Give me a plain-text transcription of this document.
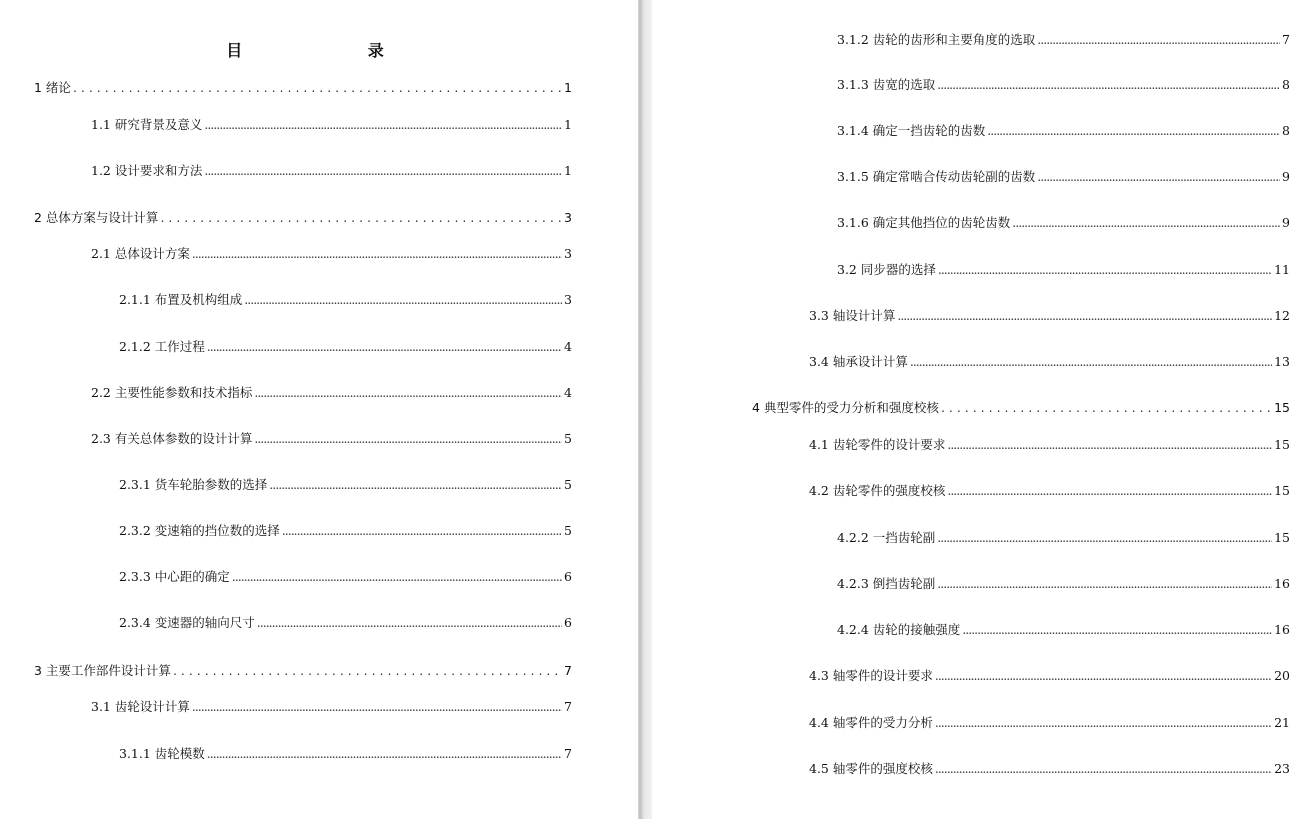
目 录
1 绪论 . . .	1
1.1 研究背景及意义 .....	1
1.2 设计要求和方法 .....	1
2 总体方案与设计计算 . . .	3
2.1 总体设计方案 .....	3
2.1.1 布置及机构组成 .....	3
2.1.2 工作过程 .....	4
2.2 主要性能参数和技术指标 .....	4
2.3 有关总体参数的设计计算 .....	5
2.3.1 货车轮胎参数的选择 .....	5
2.3.2 变速箱的挡位数的选择 .....	5
2.3.3 中心距的确定 .....	6
2.3.4 变速器的轴向尺寸 .....	6
3 主要工作部件设计计算 . . .	7
3.1 齿轮设计计算 .....	7
3.1.1 齿轮模数 .....	7
3.1.2 齿轮的齿形和主要角度的选取 .....	7
3.1.3 齿宽的选取 .....	8
3.1.4 确定一挡齿轮的齿数 .....	8
3.1.5 确定常啮合传动齿轮副的齿数 .....	9
3.1.6 确定其他挡位的齿轮齿数 .....	9
3.2 同步器的选择 .....	11
3.3 轴设计计算 .....	12
3.4 轴承设计计算 .....	13
4 典型零件的受力分析和强度校核 . . .	15
4.1 齿轮零件的设计要求 .....	15
4.2 齿轮零件的强度校核 .....	15
4.2.2 一挡齿轮副 .....	15
4.2.3 倒挡齿轮副 .....	16
4.2.4 齿轮的接触强度 .....	16
4.3 轴零件的设计要求 .....	20
4.4 轴零件的受力分析 .....	21
4.5 轴零件的强度校核 .....	23
